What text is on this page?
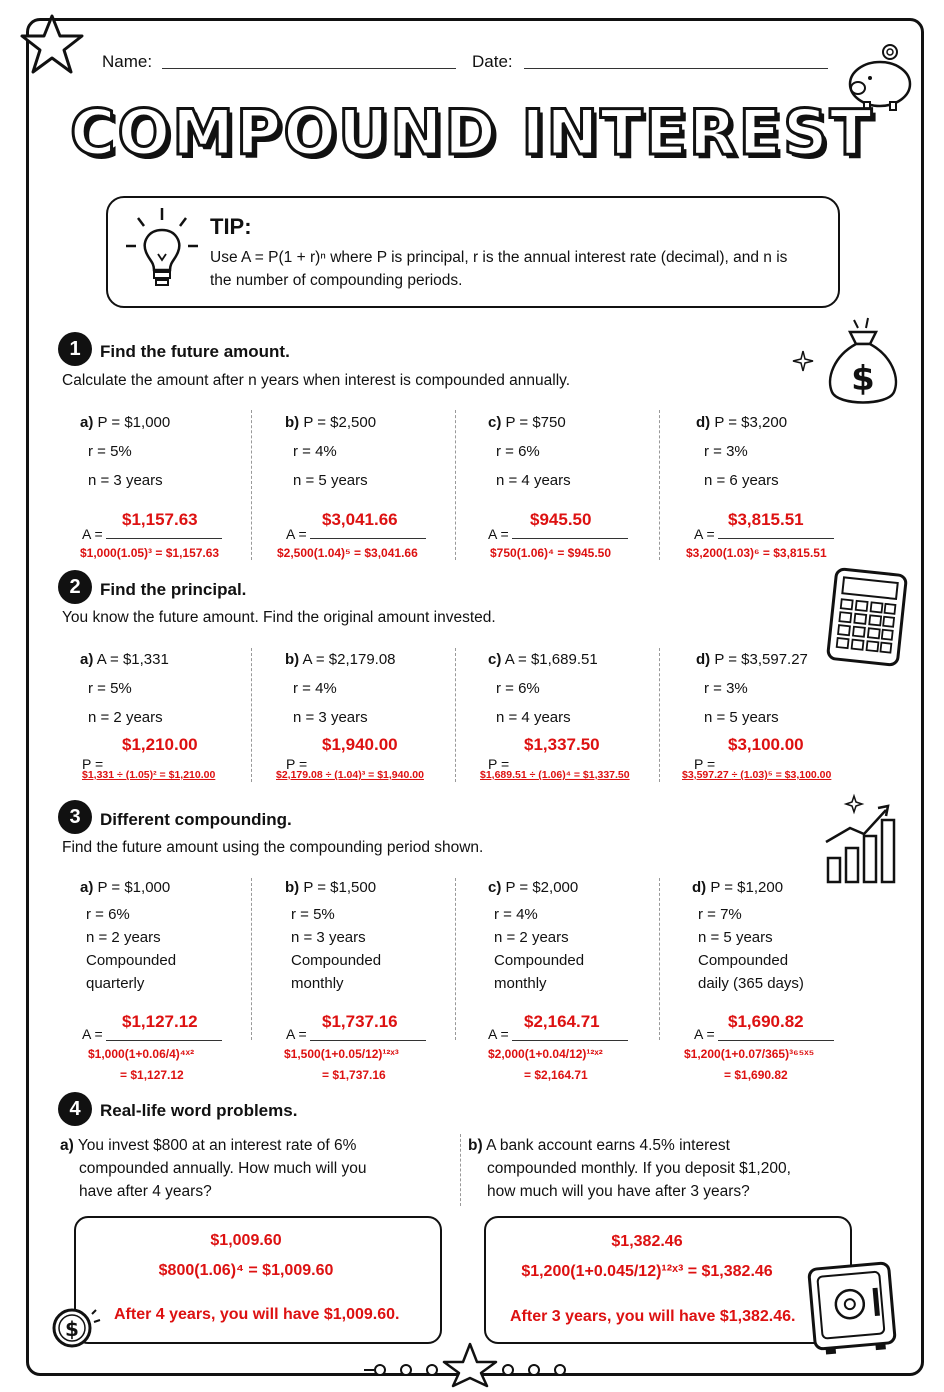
Name:	Date:
COMPOUND INTEREST
TIP:
Use A = P(1 + r)ⁿ where P is principal, r is the annual interest rate (decimal), and n is the number of compounding periods.
$
1	Find the future amount.
Calculate the amount after n years when interest is compounded annually.
a) P = $1,000
r = 5%
n = 3 years
b) P = $2,500
r = 4%
n = 5 years
c) P = $750
r = 6%
n = 4 years
d) P = $3,200
r = 3%
n = 6 years
A =
$1,157.63
$1,000(1.05)³ = $1,157.63
A =
$3,041.66
$2,500(1.04)⁵ = $3,041.66
A =
$945.50
$750(1.06)⁴ = $945.50
A =
$3,815.51
$3,200(1.03)⁶ = $3,815.51
2	Find the principal.
You know the future amount. Find the original amount invested.
a) A = $1,331
r = 5%
n = 2 years
b) A = $2,179.08
r = 4%
n = 3 years
c) A = $1,689.51
r = 6%
n = 4 years
d) P = $3,597.27
r = 3%
n = 5 years
$1,210.00
P =
$1,331 ÷ (1.05)² = $1,210.00
$1,940.00
P =
$2,179.08 ÷ (1.04)³ = $1,940.00
$1,337.50
P =
$1,689.51 ÷ (1.06)⁴ = $1,337.50
$3,100.00
P =
$3,597.27 ÷ (1.03)⁵ = $3,100.00
3	Different compounding.
Find the future amount using the compounding period shown.
a) P = $1,000
r = 6%
n = 2 years
Compounded
quarterly
b) P = $1,500
r = 5%
n = 3 years
Compounded
monthly
c) P = $2,000
r = 4%
n = 2 years
Compounded
monthly
d) P = $1,200
r = 7%
n = 5 years
Compounded
daily (365 days)
A =
$1,127.12
$1,000(1+0.06/4)⁴ˣ²
= $1,127.12
A =
$1,737.16
$1,500(1+0.05/12)¹²ˣ³
= $1,737.16
A =
$2,164.71
$2,000(1+0.04/12)¹²ˣ²
= $2,164.71
A =
$1,690.82
$1,200(1+0.07/365)³⁶⁵ˣ⁵
= $1,690.82
4	Real-life word problems.
a) You invest $800 at an interest rate of 6%
compounded annually. How much will you
have after 4 years?
b) A bank account earns 4.5% interest
compounded monthly. If you deposit $1,200,
how much will you have after 3 years?
$1,009.60
$800(1.06)⁴ = $1,009.60
After 4 years, you will have $1,009.60.
$1,382.46
$1,200(1+0.045/12)¹²ˣ³ = $1,382.46
After 3 years, you will have $1,382.46.
$
